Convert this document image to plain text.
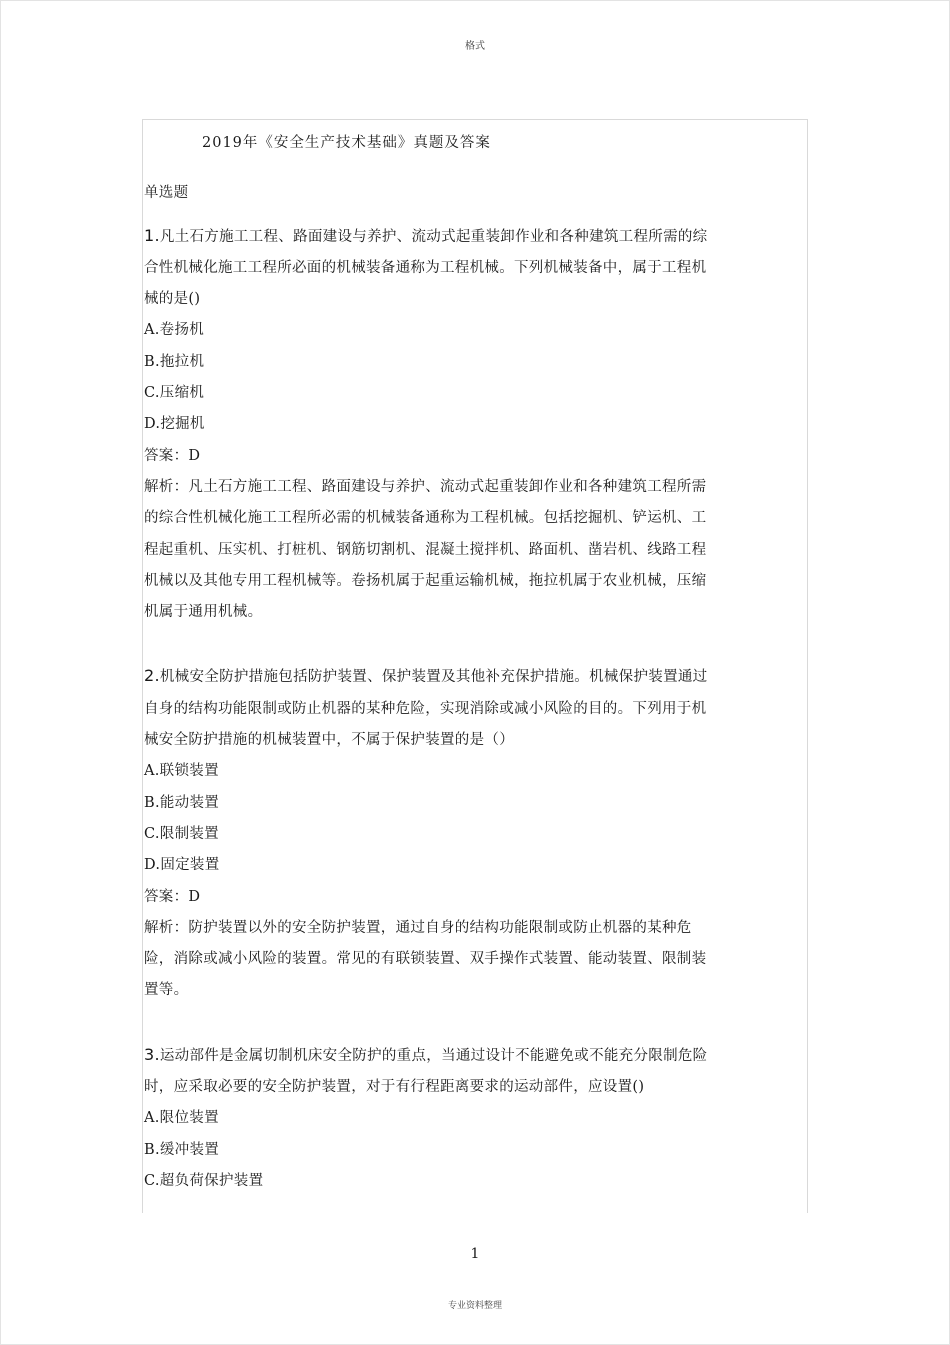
格式
2019年《安全生产技术基础》真题及答案
单选题

1.凡土石方施工工程、路面建设与养护、流动式起重装卸作业和各种建筑工程所需的综合性机械化施工工程所必面的机械装备通称为工程机械。下列机械装备中，属于工程机械的是()

A.卷扬机
B.拖拉机
C.压缩机
D.挖掘机
答案：D

解析：凡土石方施工工程、路面建设与养护、流动式起重装卸作业和各种建筑工程所需的综合性机械化施工工程所必需的机械装备通称为工程机械。包括挖掘机、铲运机、工程起重机、压实机、打桩机、钢筋切割机、混凝土搅拌机、路面机、凿岩机、线路工程机械以及其他专用工程机械等。卷扬机属于起重运输机械，拖拉机属于农业机械，压缩机属于通用机械。

2.机械安全防护措施包括防护装置、保护装置及其他补充保护措施。机械保护装置通过自身的结构功能限制或防止机器的某种危险，实现消除或减小风险的目的。下列用于机械安全防护措施的机械装置中，不属于保护装置的是（）

A.联锁装置
B.能动装置
C.限制装置
D.固定装置
答案：D

解析：防护装置以外的安全防护装置，通过自身的结构功能限制或防止机器的某种危险，消除或减小风险的装置。常见的有联锁装置、双手操作式装置、能动装置、限制装置等。

3.运动部件是金属切制机床安全防护的重点，当通过设计不能避免或不能充分限制危险时，应采取必要的安全防护装置，对于有行程距离要求的运动部件，应设置()

A.限位装置
B.缓冲装置
C.超负荷保护装置
1
专业资料整理
